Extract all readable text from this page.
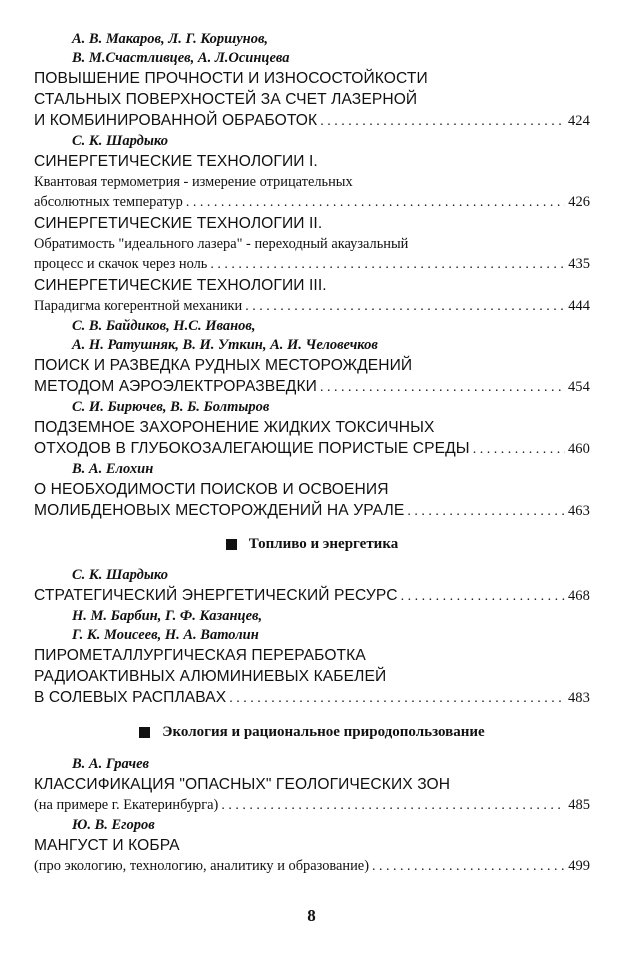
А. В. Макаров, Л. Г. Коршунов,
В. М.Счастливцев, А. Л.Осинцева
ПОВЫШЕНИЕ ПРОЧНОСТИ И ИЗНОСОСТОЙКОСТИ
СТАЛЬНЫХ ПОВЕРХНОСТЕЙ ЗА СЧЕТ ЛАЗЕРНОЙ
И КОМБИНИРОВАННОЙ ОБРАБОТОК . . .	424
С. К. Шардыко
СИНЕРГЕТИЧЕСКИЕ ТЕХНОЛОГИИ I.
Квантовая термометрия - измерение отрицательных
абсолютных температур . . .	426
СИНЕРГЕТИЧЕСКИЕ ТЕХНОЛОГИИ II.
Обратимость "идеального лазера" - переходный акаузальный
процесс и скачок через ноль . . .	435
СИНЕРГЕТИЧЕСКИЕ ТЕХНОЛОГИИ III.
Парадигма когерентной механики . . .	444
С. В. Байдиков, Н.С. Иванов,
А. Н. Ратушняк, В. И. Уткин, А. И. Человечков
ПОИСК И РАЗВЕДКА РУДНЫХ МЕСТОРОЖДЕНИЙ
МЕТОДОМ АЭРОЭЛЕКТРОРАЗВЕДКИ . . .	454
С. И. Бирючев, В. Б. Болтыров
ПОДЗЕМНОЕ ЗАХОРОНЕНИЕ ЖИДКИХ ТОКСИЧНЫХ
ОТХОДОВ В ГЛУБОКОЗАЛЕГАЮЩИЕ ПОРИСТЫЕ СРЕДЫ . . .	460
В. А. Елохин
О НЕОБХОДИМОСТИ ПОИСКОВ И ОСВОЕНИЯ
МОЛИБДЕНОВЫХ МЕСТОРОЖДЕНИЙ НА УРАЛЕ . . .	463
Топливо и энергетика
С. К. Шардыко
СТРАТЕГИЧЕСКИЙ ЭНЕРГЕТИЧЕСКИЙ РЕСУРС . . .	468
Н. М. Барбин, Г. Ф. Казанцев,
Г. К. Моисеев, Н. А. Ватолин
ПИРОМЕТАЛЛУРГИЧЕСКАЯ ПЕРЕРАБОТКА
РАДИОАКТИВНЫХ АЛЮМИНИЕВЫХ КАБЕЛЕЙ
В СОЛЕВЫХ РАСПЛАВАХ . . .	483
Экология и рациональное природопользование
В. А. Грачев
КЛАССИФИКАЦИЯ "ОПАСНЫХ" ГЕОЛОГИЧЕСКИХ ЗОН
(на примере г. Екатеринбурга) . . .	485
Ю. В. Егоров
МАНГУСТ И КОБРА
(про экологию, технологию, аналитику и образование) . . .	499
8
